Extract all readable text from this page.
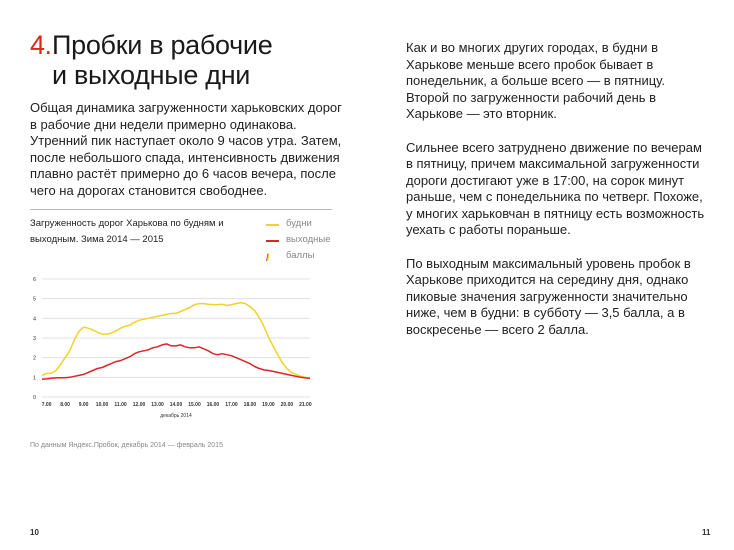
4. Пробки в рабочие
и выходные дни
Общая динамика загруженности харьковских дорог в рабочие дни недели примерно одинакова. Утренний пик наступает около 9 часов утра. Затем, после небольшого спада, интенсивность движения плавно растёт примерно до 6 часов вечера, после чего на дорогах становится свободнее.
Загруженность дорог Харькова по будням и выходным. Зима 2014 — 2015
будни
выходные
// баллы
0
1
2
3
4
5
6
7.00 8.00 9.00 10.00 11.00 12.00 13.00 14.00 15.00 16.00 17.00 18.00 19.00 20.00 21.00
декабрь 2014
По данным Яндекс.Пробок, декабрь 2014 — февраль 2015

Как и во многих других городах, в будни в Харькове меньше всего пробок бывает в понедельник, а больше всего — в пятницу. Второй по загруженности рабочий день в Харькове — это вторник.

Сильнее всего затруднено движение по вечерам в пятницу, причем максимальной загруженности дороги достигают уже в 17:00, на сорок минут раньше, чем с понедельника по четверг. Похоже, у многих харьковчан в пятницу есть возможность уехать с работы пораньше.

По выходным максимальный уровень пробок в Харькове приходится на середину дня, однако пиковые значения загруженности значительно ниже, чем в будни: в субботу — 3,5 балла, а в воскресенье — всего 2 балла.

10	11
